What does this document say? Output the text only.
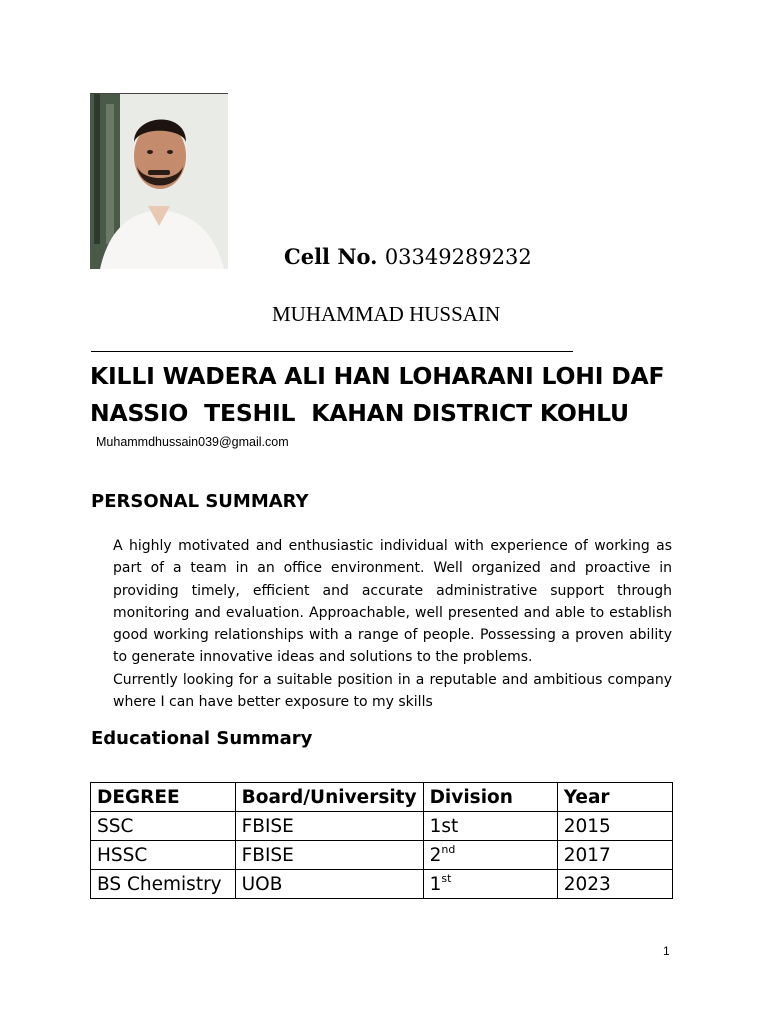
Cell No. 03349289232
MUHAMMAD HUSSAIN
KILLI WADERA ALI HAN LOHARANI LOHI DAF
NASSIO  TESHIL  KAHAN DISTRICT KOHLU
Muhammdhussain039@gmail.com
PERSONAL SUMMARY

A highly motivated and enthusiastic individual with experience of working as part of a team in an office environment. Well organized and proactive in providing timely, efficient and accurate administrative support through monitoring and evaluation. Approachable, well presented and able to establish good working relationships with a range of people. Possessing a proven ability to generate innovative ideas and solutions to the problems.

Currently looking for a suitable position in a reputable and ambitious company where I can have better exposure to my skills

Educational Summary
DEGREE	Board/University	Division	Year
SSC	FBISE	1st	2015
HSSC	FBISE	2nd	2017
BS Chemistry	UOB	1st	2023
1
